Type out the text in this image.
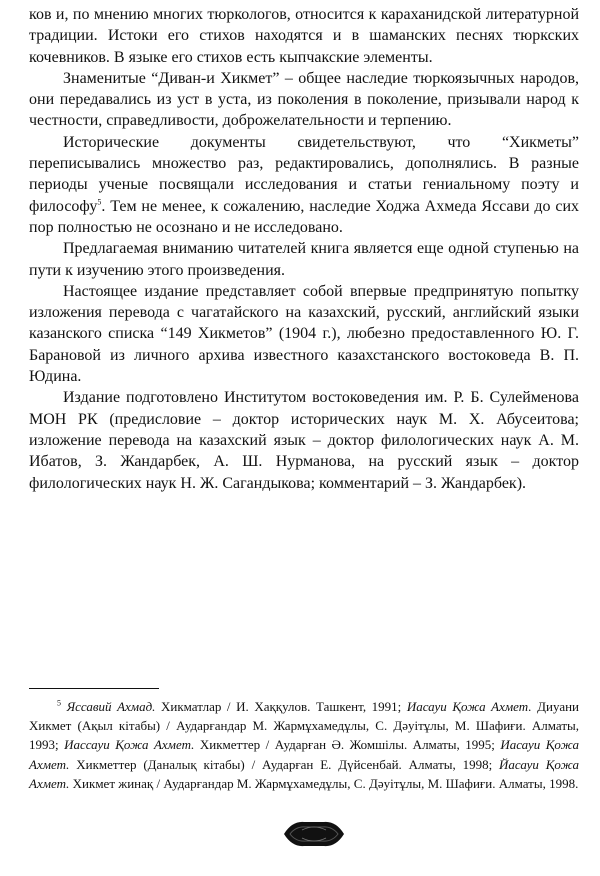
ков и, по мнению многих тюркологов, относится к караханидской литературной традиции. Истоки его стихов находятся и в шаманских песнях тюркских кочевников. В языке его стихов есть кыпчакские элементы.

Знаменитые “Диван-и Хикмет” – общее наследие тюркоязычных народов, они передавались из уст в уста, из поколения в поколение, призывали народ к честности, справедливости, доброжелательности и терпению.

Исторические документы свидетельствуют, что “Хикметы” переписывались множество раз, редактировались, дополнялись. В разные периоды ученые посвящали исследования и статьи гениальному поэту и философу$^5$. Тем не менее, к сожалению, наследие Ходжа Ахмеда Яссави до сих пор полностью не осознано и не исследовано.

Предлагаемая вниманию читателей книга является еще одной ступенью на пути к изучению этого произведения.

Настоящее издание представляет собой впервые предпринятую попытку изложения перевода с чагатайского на казахский, русский, английский языки казанского списка “149 Хикметов” (1904 г.), любезно предоставленного Ю. Г. Барановой из личного архива известного казахстанского востоковеда В. П. Юдина.

Издание подготовлено Институтом востоковедения им. Р. Б. Сулейменова МОН РК (предисловие – доктор исторических наук М. Х. Абусеитова; изложение перевода на казахский язык – доктор филологических наук А. М. Ибатов, З. Жандарбек, А. Ш. Нурманова, на русский язык – доктор филологических наук Н. Ж. Сагандыкова; комментарий – З. Жандарбек).

$^5$ Яссавий Ахмад. Хикматлар / И. Хаққулов. Ташкент, 1991; Иасауи Қожа Ахмет. Диуани Хикмет (Ақыл кітабы) / Аударғандар М. Жармұхамедұлы, С. Дәуітұлы, М. Шафиғи. Алматы, 1993; Иассауи Қожа Ахмет. Хикметтер / Аударған Ә. Жомшілы. Алматы, 1995; Иасауи Қожа Ахмет. Хикметтер (Даналық кітабы) / Аударған Е. Дүйсенбай. Алматы, 1998; Йасауи Қожа Ахмет. Хикмет жинақ / Аударғандар М. Жармұхамедұлы, С. Дәуітұлы, М. Шафиғи. Алматы, 1998.
